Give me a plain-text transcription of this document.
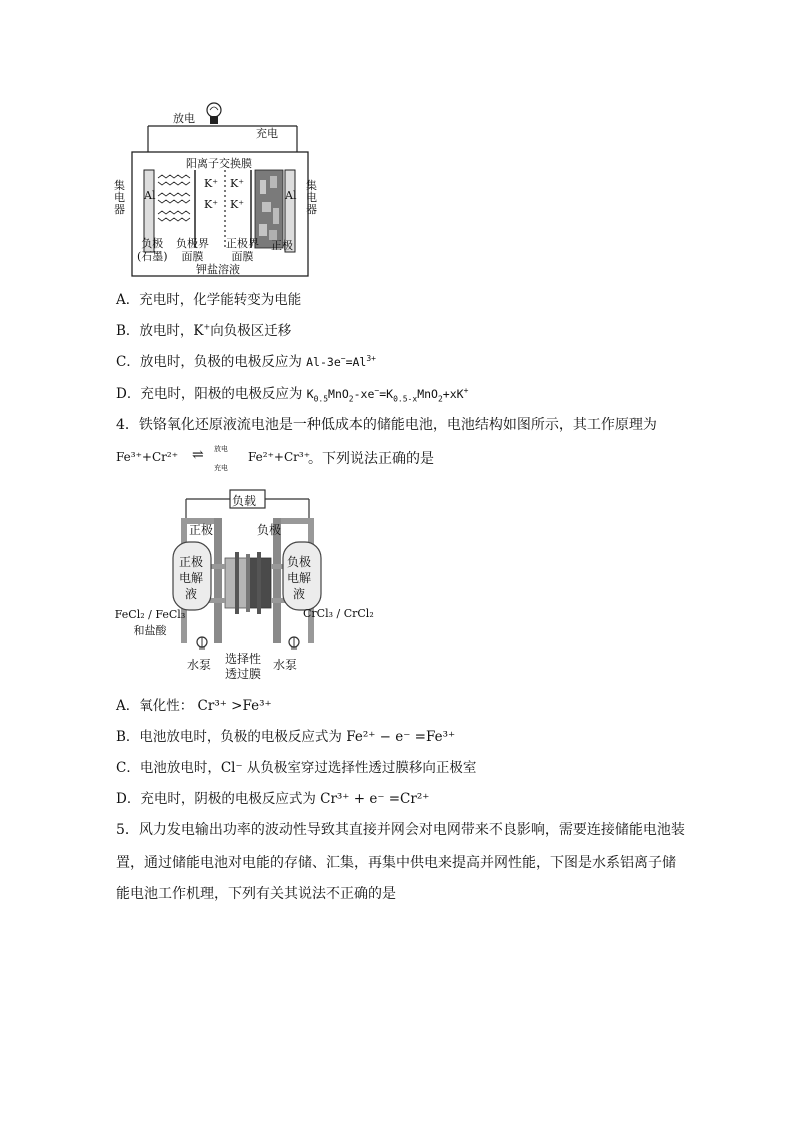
放电
充电
阳离子交换膜
集
电
器
集
电
器
Al	Al
K⁺ K⁺
K⁺ K⁺
负极
(石墨)
负极界
面膜
正极界
面膜
正极
钾盐溶液
A．充电时，化学能转变为电能
B．放电时，K+向负极区迁移
C．放电时，负极的电极反应为 $Al-3e^-=Al^{3+}$
D．充电时，阳极的电极反应为 $K_{0.5}MnO_2-xe^-=K_{0.5-x}MnO_2+xK^+$
4．铁铬氧化还原液流电池是一种低成本的储能电池，电池结构如图所示，其工作原理为
Fe³⁺+Cr²⁺ ⇌ 放电
充电
Fe²⁺+Cr³⁺
。下列说法正确的是
负载
正极	负极
正极
电解
液
负极
电解
液
FeCl₂ / FeCl₃
和盐酸
CrCl₃ / CrCl₂
水泵	水泵
选择性
透过膜
A．氧化性： Cr³⁺ >Fe³⁺
B．电池放电时，负极的电极反应式为 Fe²⁺ − e⁻ =Fe³⁺
C．电池放电时，Cl⁻ 从负极室穿过选择性透过膜移向正极室
D．充电时，阴极的电极反应式为 Cr³⁺ + e⁻ =Cr²⁺
5．风力发电输出功率的波动性导致其直接并网会对电网带来不良影响，需要连接储能电池装
置，通过储能电池对电能的存储、汇集，再集中供电来提高并网性能，下图是水系铝离子储
能电池工作机理，下列有关其说法不正确的是
